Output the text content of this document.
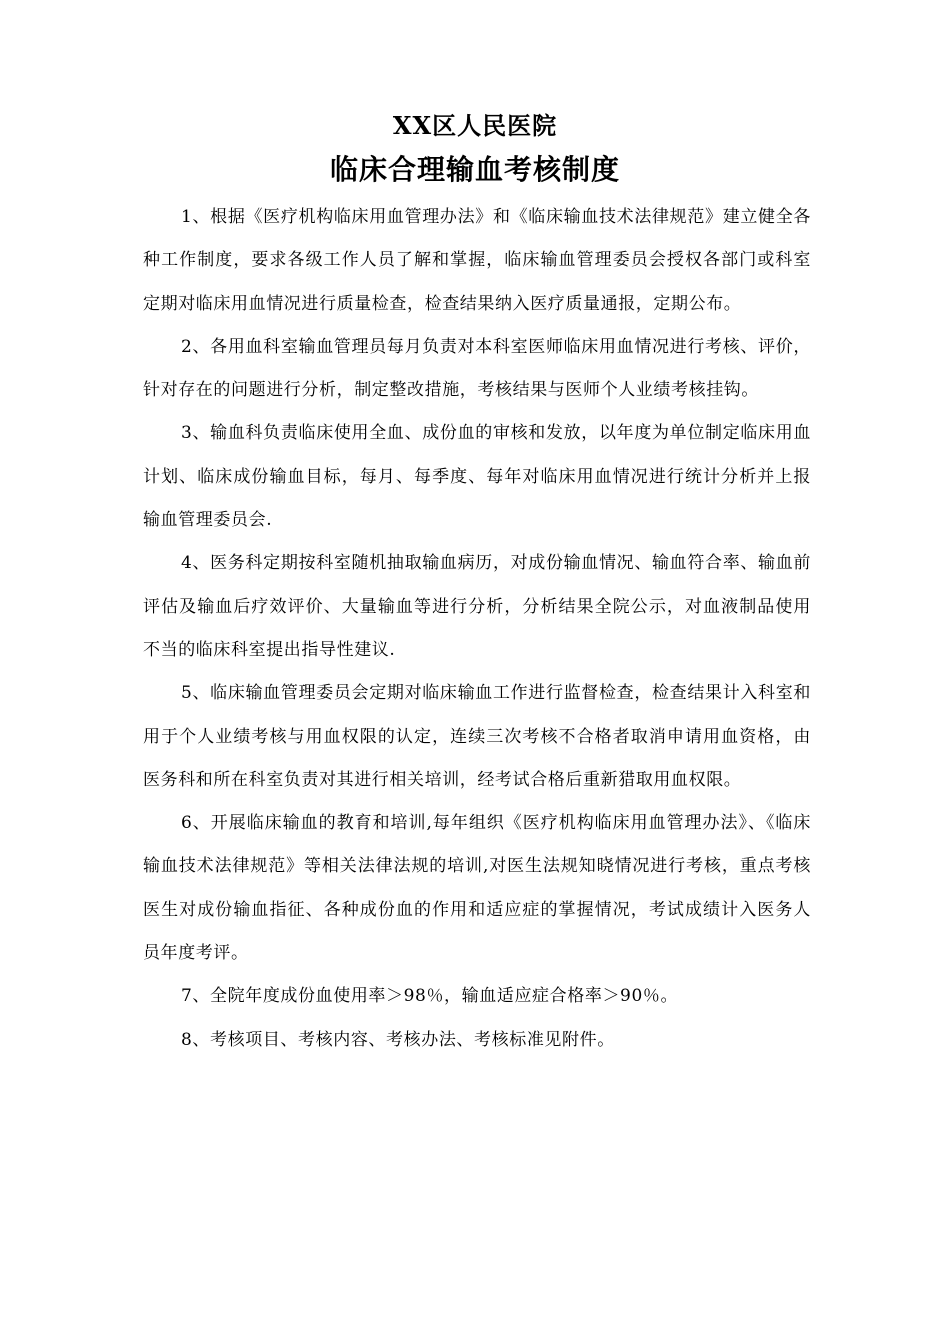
XX区人民医院
临床合理输血考核制度

1、根据《医疗机构临床用血管理办法》和《临床输血技术法律规范》建立健全各种工作制度，要求各级工作人员了解和掌握，临床输血管理委员会授权各部门或科室定期对临床用血情况进行质量检查，检查结果纳入医疗质量通报，定期公布。

2、各用血科室输血管理员每月负责对本科室医师临床用血情况进行考核、评价，针对存在的问题进行分析，制定整改措施，考核结果与医师个人业绩考核挂钩。

3、输血科负责临床使用全血、成份血的审核和发放，以年度为单位制定临床用血计划、临床成份输血目标，每月、每季度、每年对临床用血情况进行统计分析并上报输血管理委员会.

4、医务科定期按科室随机抽取输血病历，对成份输血情况、输血符合率、输血前评估及输血后疗效评价、大量输血等进行分析，分析结果全院公示，对血液制品使用不当的临床科室提出指导性建议.

5、临床输血管理委员会定期对临床输血工作进行监督检查，检查结果计入科室和用于个人业绩考核与用血权限的认定，连续三次考核不合格者取消申请用血资格，由医务科和所在科室负责对其进行相关培训，经考试合格后重新猎取用血权限。

6、开展临床输血的教育和培训,每年组织《医疗机构临床用血管理办法》、《临床输血技术法律规范》等相关法律法规的培训,对医生法规知晓情况进行考核，重点考核医生对成份输血指征、各种成份血的作用和适应症的掌握情况，考试成绩计入医务人员年度考评。

7、全院年度成份血使用率＞98％，输血适应症合格率＞90％。

8、考核项目、考核内容、考核办法、考核标准见附件。
